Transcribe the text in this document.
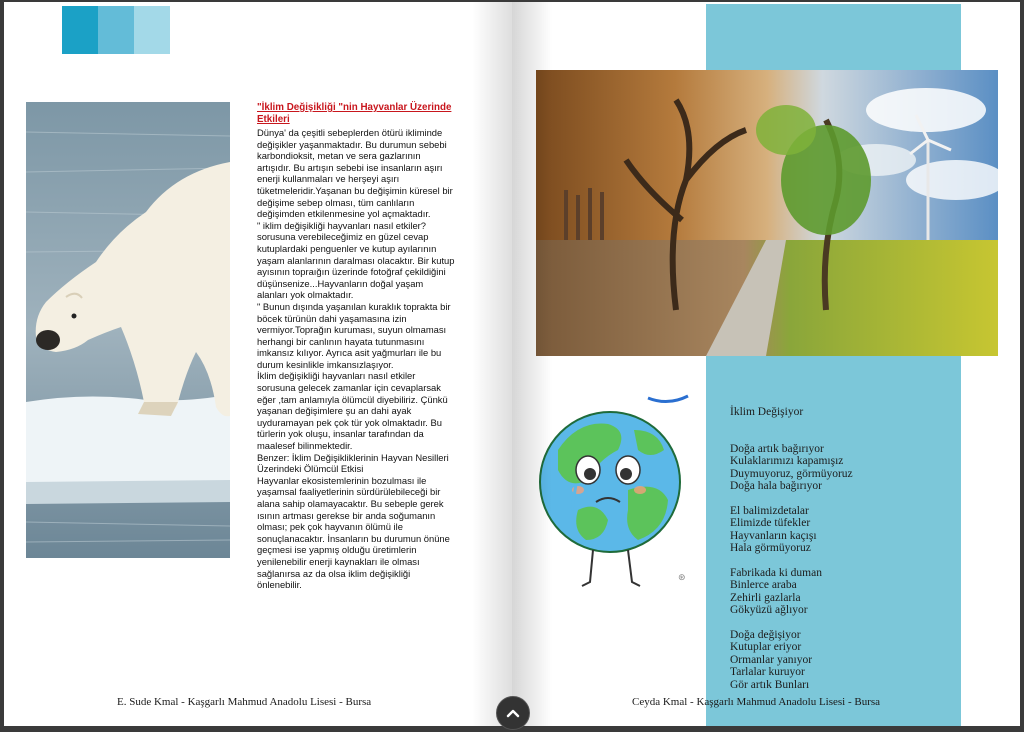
"İklim Değişikliği "nin Hayvanlar Üzerinde Etkileri

Dünya' da çeşitli sebeplerden ötürü ikliminde

değişikler yaşanmaktadır. Bu durumun sebebi

karbondioksit, metan ve sera gazlarının

artışıdır. Bu artışın sebebi ise insanların aşırı

enerji kullanmaları ve herşeyi aşırı

tüketmeleridir.Yaşanan bu değişimin küresel bir

değişime sebep olması, tüm canlıların

değişimden etkilenmesine yol açmaktadır.

" iklim değişikliği hayvanları nasıl etkiler?

sorusuna verebileceğimiz en güzel cevap

kutuplardaki penguenler ve kutup ayılarının

yaşam alanlarının daralması olacaktır. Bir kutup

ayısının topraığın üzerinde fotoğraf çekildiğini

düşünsenize...Hayvanların doğal yaşam

alanları yok olmaktadır.

" Bunun dışında yaşanılan kuraklık toprakta bir

böcek türünün dahi yaşamasına izin

vermiyor.Toprağın kuruması, suyun olmaması

herhangi bir canlının hayata tutunmasını

imkansız kılıyor. Ayrıca asit yağmurları ile bu

durum kesinlikle imkansızlaşıyor.

İklim değişikliği hayvanları nasıl etkiler

sorusuna gelecek zamanlar için cevaplarsak

eğer ,tam anlamıyla ölümcül diyebiliriz. Çünkü

yaşanan değişimlere şu an dahi ayak

uyduramayan pek çok tür yok olmaktadır. Bu

türlerin yok oluşu, insanlar tarafından da

maalesef bilinmektedir.

Benzer: İklim Değişikliklerinin Hayvan Nesilleri

Üzerindeki Ölümcül Etkisi

Hayvanlar ekosistemlerinin bozulması ile

yaşamsal faaliyetlerinin sürdürülebileceği bir

alana sahip olamayacaktır. Bu sebeple gerek

ısının artması gerekse bir anda soğumanın

olması; pek çok hayvanın ölümü ile

sonuçlanacaktır. İnsanların bu durumun önüne

geçmesi ise yapmış olduğu üretimlerin

yenilenebilir enerji kaynakları ile olması

sağlanırsa az da olsa iklim değişikliği

önlenebilir.

E. Sude Kmal - Kaşgarlı Mahmud Anadolu Lisesi - Bursa
⊛
İklim Değişiyor
Doğa artık bağırıyor
Kulaklarımızı kapamışız
Duymuyoruz, görmüyoruz
Doğa hala bağırıyor
El balimizdetalar
Elimizde tüfekler
Hayvanların kaçışı
Hala görmüyoruz
Fabrikada ki duman
Binlerce araba
Zehirli gazlarla
Gökyüzü ağlıyor
Doğa değişiyor
Kutuplar eriyor
Ormanlar yanıyor
Tarlalar kuruyor
Gör artık Bunları
Ceyda Kmal - Kaşgarlı Mahmud Anadolu Lisesi - Bursa
